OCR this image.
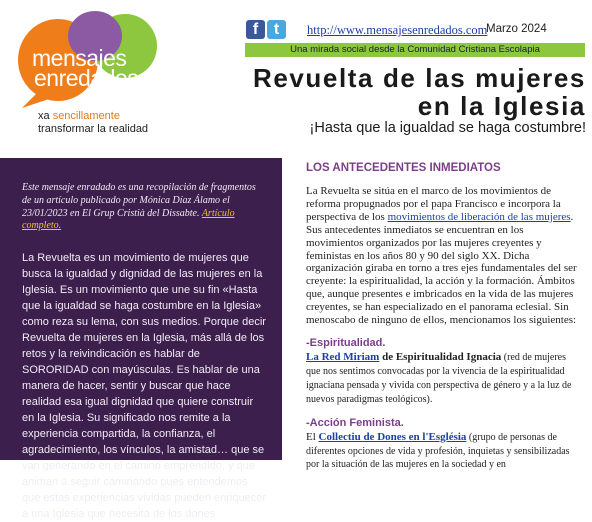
mensajes
enredados
xa sencillamente
transformar la realidad
f t	http://www.mensajesenredados.com
Marzo 2024
Una mirada social desde la Comunidad Cristiana Escolapia
Revuelta de las mujeres
en la Iglesia
¡Hasta que la igualdad se haga costumbre!
Este mensaje enradado es una recopilación de fragmentos de un artículo publicado por Mónica Díaz Álamo el 23/01/2023 en El Grup Cristià del Dissabte. Artículo completo.
La Revuelta es un movimiento de mujeres que busca la igualdad y dignidad de las mujeres en la Iglesia. Es un movimiento que une su fin «Hasta que la igualdad se haga costumbre en la Iglesia» como reza su lema, con sus medios. Porque decir Revuelta de mujeres en la Iglesia, más allá de los retos y la reivindicación es hablar de SORORIDAD con mayúsculas. Es hablar de una manera de hacer, sentir y buscar que hace realidad esa igual dignidad que quiere construir en la Iglesia. Su significado nos remite a la experiencia compartida, la confianza, el agradecimiento, los vínculos, la amistad… que se van generando en el camino emprendido, y que animan a seguir caminando pues entendemos que estas experiencias vividas pueden enriquecer a una Iglesia que necesita de los dones
LOS ANTECEDENTES INMEDIATOS

La Revuelta se sitúa en el marco de los movimientos de reforma propugnados por el papa Francisco e incorpora la perspectiva de los movimientos de liberación de las mujeres. Sus antecedentes inmediatos se encuentran en los movimientos organizados por las mujeres creyentes y feministas en los años 80 y 90 del siglo XX. Dicha organización giraba en torno a tres ejes fundamentales del ser creyente: la espiritualidad, la acción y la formación. Ámbitos que, aunque presentes e imbricados en la vida de las mujeres creyentes, se han especializado en el panorama eclesial. Sin menoscabo de ninguno de ellos, mencionamos los siguientes:

-Espiritualidad.

La Red Miriam de Espiritualidad Ignacia (red de mujeres que nos sentimos convocadas por la vivencia de la espiritualidad ignaciana pensada y vivida con perspectiva de género y a la luz de nuevos paradigmas teológicos).

-Acción Feminista.

El Collectiu de Dones en l'Església (grupo de personas de diferentes opciones de vida y profesión, inquietas y sensibilizadas por la situación de las mujeres en la sociedad y en
